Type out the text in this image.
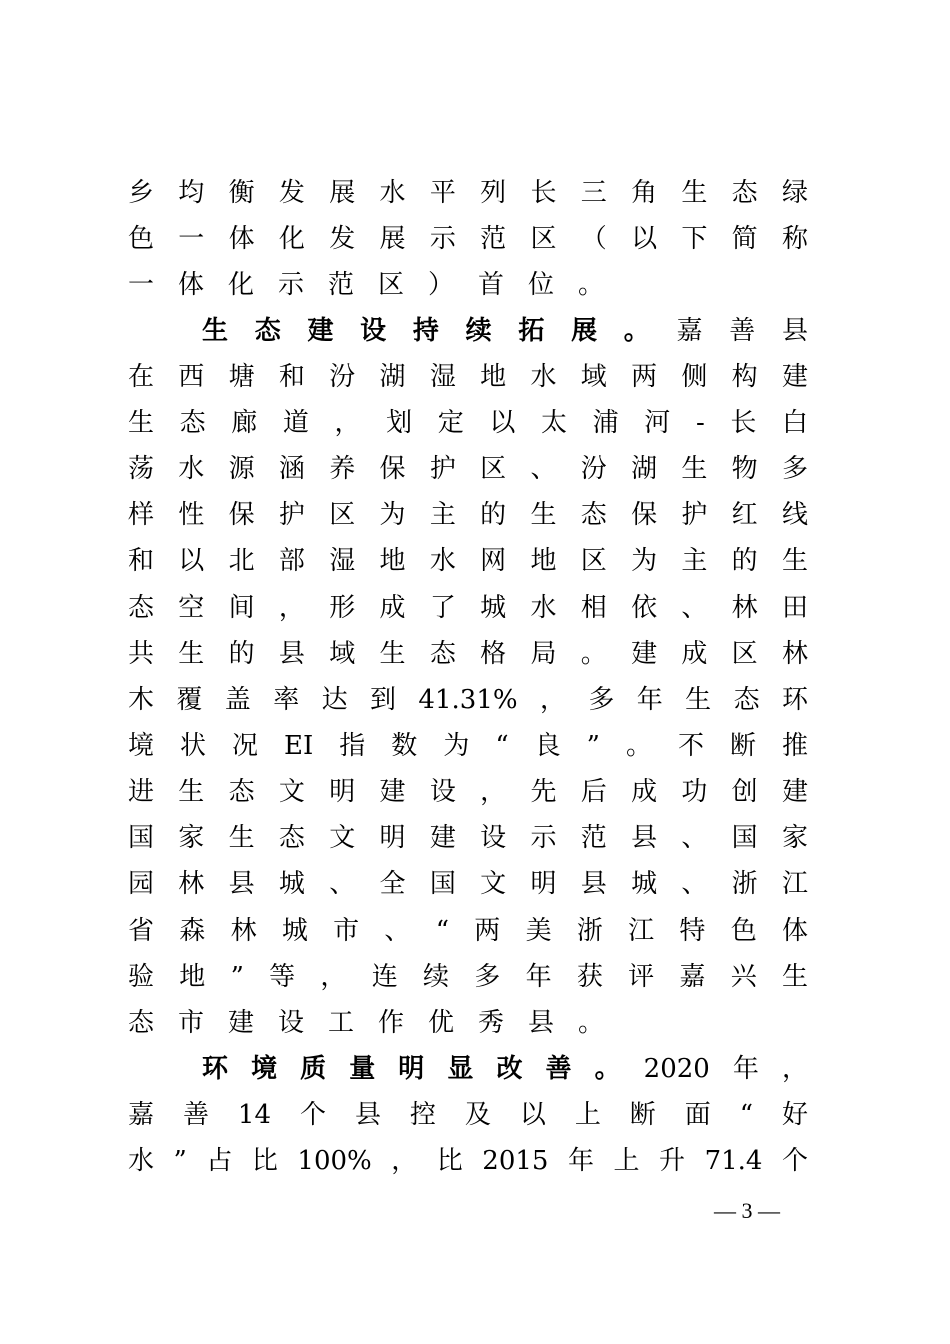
乡均衡发展水平列长三角生态绿
色一体化发展示范区（以下简称
一体化示范区）首位。
生态建设持续拓展。嘉善县
在西塘和汾湖湿地水域两侧构建
生态廊道，划定以太浦河-长白
荡水源涵养保护区、汾湖生物多
样性保护区为主的生态保护红线
和以北部湿地水网地区为主的生
态空间，形成了城水相依、林田
共生的县域生态格局。建成区林
木覆盖率达到41.31%，多年生态环
境状况EI指数为“良”。不断推
进生态文明建设，先后成功创建
国家生态文明建设示范县、国家
园林县城、全国文明县城、浙江
省森林城市、“两美浙江特色体
验地”等，连续多年获评嘉兴生
态市建设工作优秀县。
环境质量明显改善。2020年，
嘉善14个县控及以上断面“好
水”占比100%，比2015年上升71.4个
— 3 —
